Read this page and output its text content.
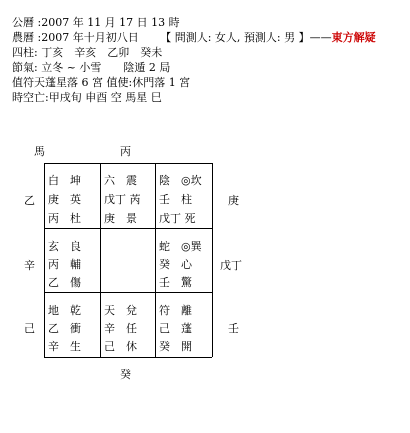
公曆 :2007 年 11 月 17 日 13 時
農曆 :2007 年十月初八日 【 問測人: 女人, 預測人: 男 】——東方解疑
四柱: 丁亥　辛亥　乙卯　癸未
節氣: 立冬 ~ 小雪　　陰遁 2 局
值符天蓬星落 6 宮 值使:休門落 1 宮
時空亡:甲戌旬 申酉 空 馬星 巳
馬	丙
乙
辛
己
庚
戊丁
壬
癸
白　坤
庚　英
丙　杜
六　震
戊丁 芮
庚　景
陰　◎坎
壬　柱
戊丁 死
玄　良
丙　輔
乙　傷
蛇　◎巽
癸　心
壬　驚
地　乾
乙　衝
辛　生
天　兌
辛　任
己　休
符　離
己　蓬
癸　開
